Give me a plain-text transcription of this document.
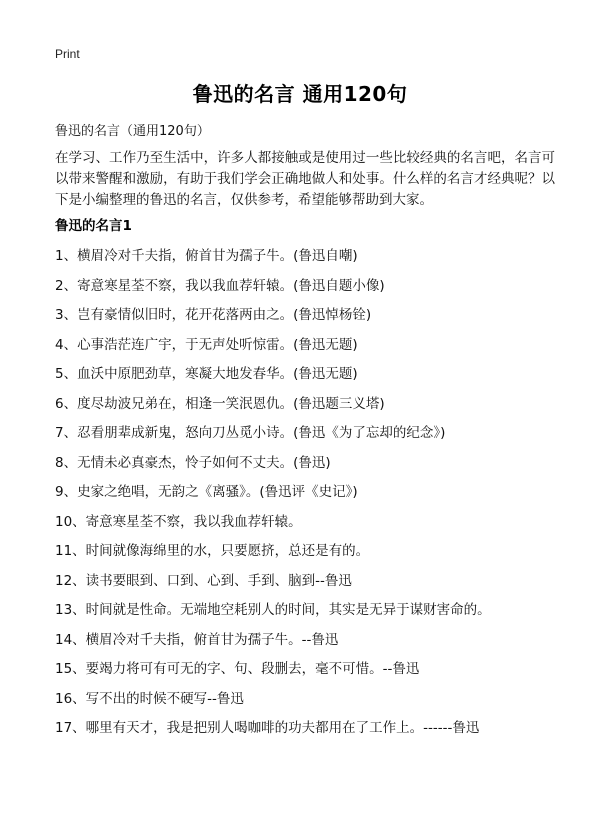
Print
鲁迅的名言 通用120句
鲁迅的名言（通用120句）

在学习、工作乃至生活中，许多人都接触或是使用过一些比较经典的名言吧，名言可以带来警醒和激励，有助于我们学会正确地做人和处事。什么样的名言才经典呢？以下是小编整理的鲁迅的名言，仅供参考，希望能够帮助到大家。

鲁迅的名言1
1、横眉冷对千夫指，俯首甘为孺子牛。(鲁迅自嘲)
2、寄意寒星荃不察，我以我血荐轩辕。(鲁迅自题小像)
3、岂有豪情似旧时，花开花落两由之。(鲁迅悼杨铨)
4、心事浩茫连广宇，于无声处听惊雷。(鲁迅无题)
5、血沃中原肥劲草，寒凝大地发春华。(鲁迅无题)
6、度尽劫波兄弟在，相逢一笑泯恩仇。(鲁迅题三义塔)
7、忍看朋辈成新鬼，怒向刀丛觅小诗。(鲁迅《为了忘却的纪念》)
8、无情未必真豪杰，怜子如何不丈夫。(鲁迅)
9、史家之绝唱，无韵之《离骚》。(鲁迅评《史记》)
10、寄意寒星荃不察，我以我血荐轩辕。
11、时间就像海绵里的水，只要愿挤，总还是有的。
12、读书要眼到、口到、心到、手到、脑到--鲁迅
13、时间就是性命。无端地空耗别人的时间，其实是无异于谋财害命的。
14、横眉冷对千夫指，俯首甘为孺子牛。--鲁迅
15、要竭力将可有可无的字、句、段删去，毫不可惜。--鲁迅
16、写不出的时候不硬写--鲁迅
17、哪里有天才，我是把别人喝咖啡的功夫都用在了工作上。------鲁迅
